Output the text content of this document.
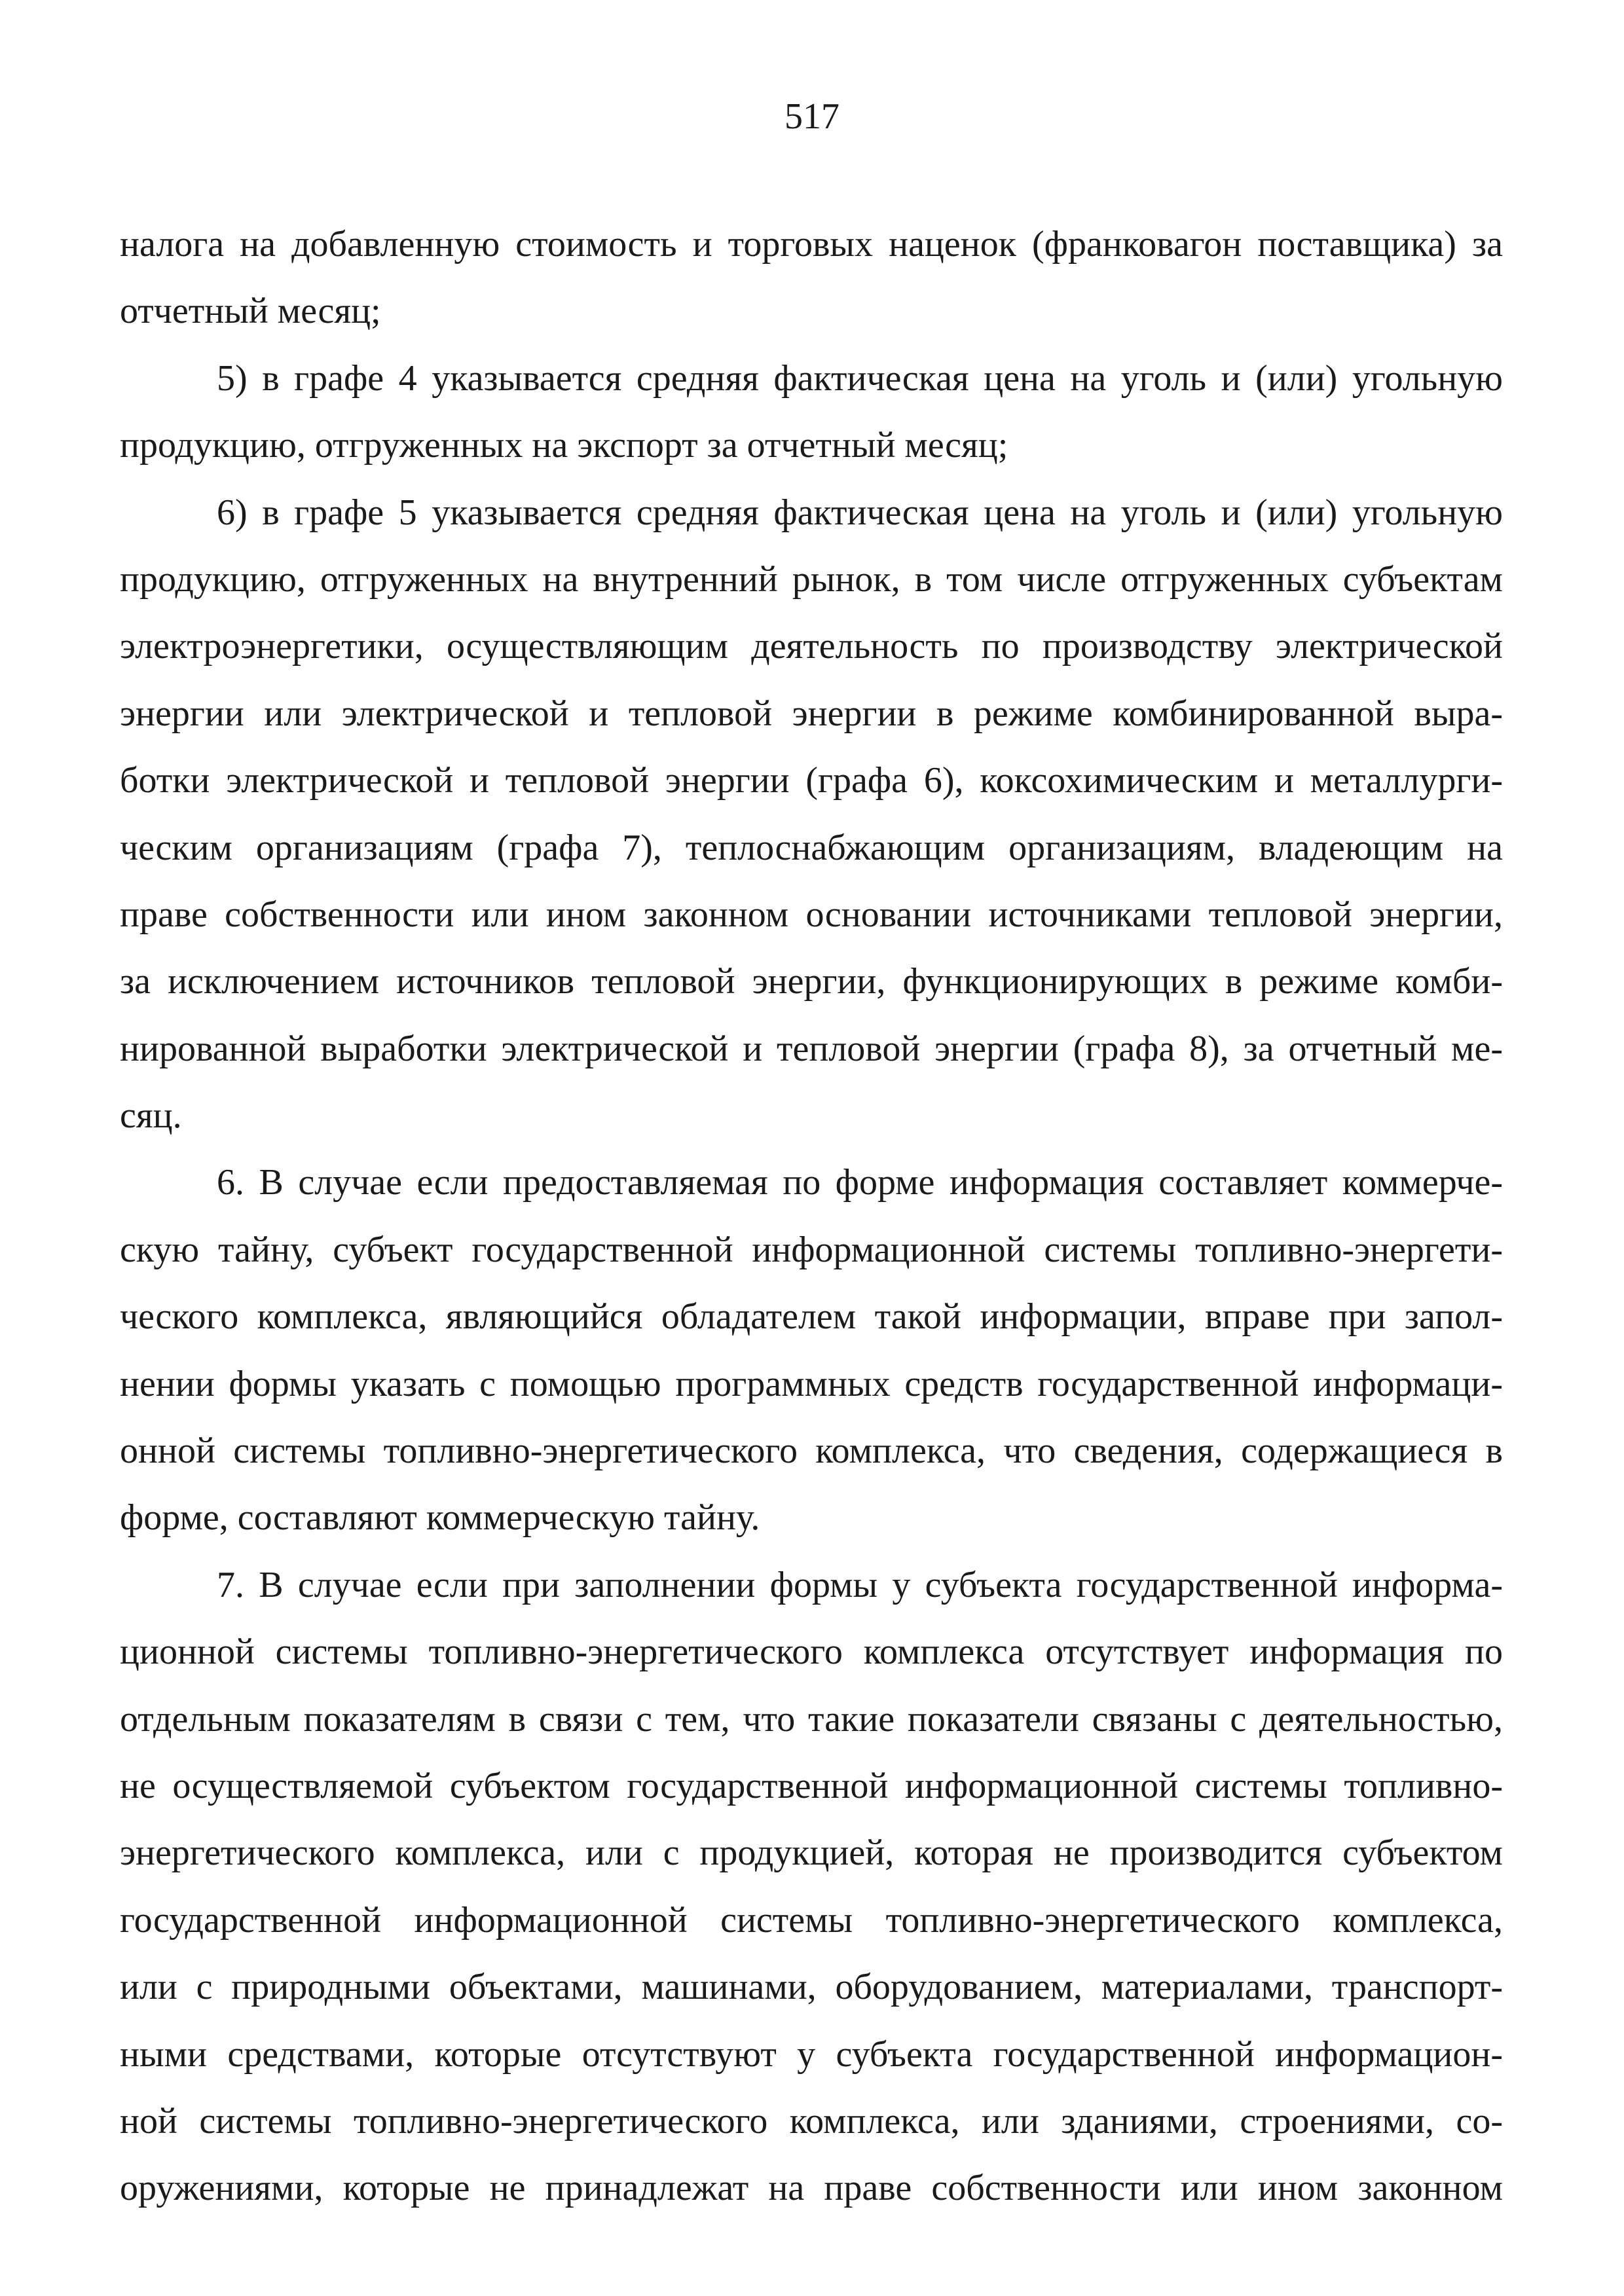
517
налога на добавленную стоимость и торговых наценок (франковагон поставщика) за
отчетный месяц;
5) в графе 4 указывается средняя фактическая цена на уголь и (или) угольную
продукцию, отгруженных на экспорт за отчетный месяц;
6) в графе 5 указывается средняя фактическая цена на уголь и (или) угольную
продукцию, отгруженных на внутренний рынок, в том числе отгруженных субъектам
электроэнергетики, осуществляющим деятельность по производству электрической
энергии или электрической и тепловой энергии в режиме комбинированной выра-
ботки электрической и тепловой энергии (графа 6), коксохимическим и металлурги-
ческим организациям (графа 7), теплоснабжающим организациям, владеющим на
праве собственности или ином законном основании источниками тепловой энергии,
за исключением источников тепловой энергии, функционирующих в режиме комби-
нированной выработки электрической и тепловой энергии (графа 8), за отчетный ме-
сяц.
6. В случае если предоставляемая по форме информация составляет коммерче-
скую тайну, субъект государственной информационной системы топливно-энергети-
ческого комплекса, являющийся обладателем такой информации, вправе при запол-
нении формы указать с помощью программных средств государственной информаци-
онной системы топливно-энергетического комплекса, что сведения, содержащиеся в
форме, составляют коммерческую тайну.
7. В случае если при заполнении формы у субъекта государственной информа-
ционной системы топливно-энергетического комплекса отсутствует информация по
отдельным показателям в связи с тем, что такие показатели связаны с деятельностью,
не осуществляемой субъектом государственной информационной системы топливно-
энергетического комплекса, или с продукцией, которая не производится субъектом
государственной информационной системы топливно-энергетического комплекса,
или с природными объектами, машинами, оборудованием, материалами, транспорт-
ными средствами, которые отсутствуют у субъекта государственной информацион-
ной системы топливно-энергетического комплекса, или зданиями, строениями, со-
оружениями, которые не принадлежат на праве собственности или ином законном
